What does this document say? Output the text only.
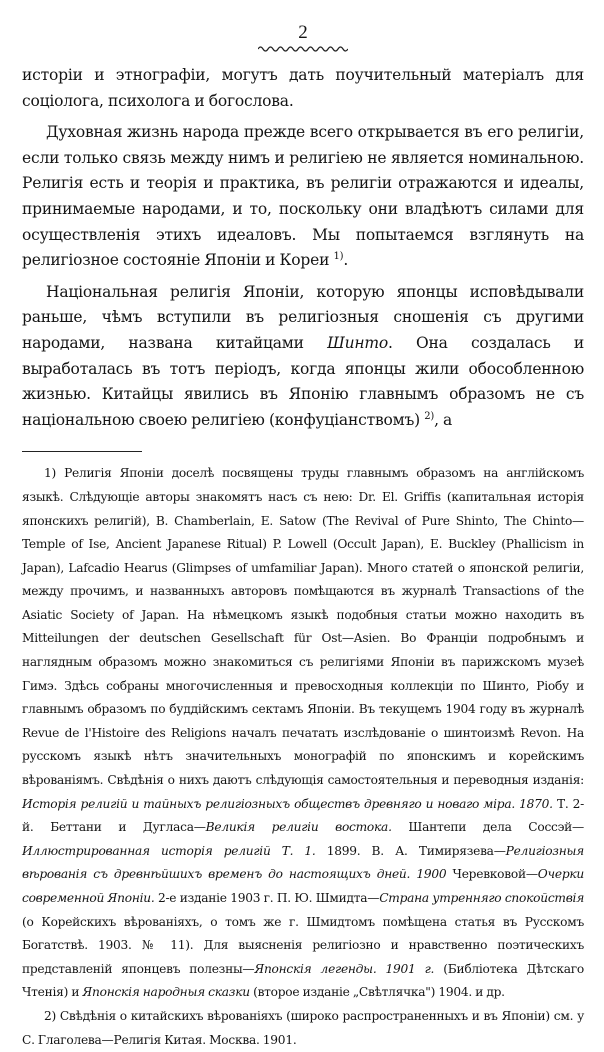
2

исторіи и этнографіи, могутъ дать поучительный матеріалъ для соціолога, психолога и богослова.

Духовная жизнь народа прежде всего открывается въ его религіи, если только связь между нимъ и религіею не является номинальною. Религія есть и теорія и практика, въ религіи отражаются и идеалы, принимаемые народами, и то, поскольку они владѣютъ силами для осуществленія этихъ идеаловъ. Мы попытаемся взглянуть на религіозное состояніе Японіи и Кореи $^{1)}$.

Національная религія Японіи, которую японцы исповѣдывали раньше, чѣмъ вступили въ религіозныя сношенія съ другими народами, названа китайцами Шинто. Она создалась и выработалась въ тотъ періодъ, когда японцы жили обособленною жизнью. Китайцы явились въ Японію главнымъ образомъ не съ національною своею религіею (конфуціанствомъ) $^{2)}$, а

1) Религія Японіи доселѣ посвящены труды главнымъ образомъ на англійскомъ языкѣ. Слѣдующіе авторы знакомятъ насъ съ нею: Dr. El. Griffis (капитальная исторія японскихъ религій), B. Chamberlain, E. Satow (The Revival of Pure Shinto, The Chinto—Temple of Ise, Ancient Japanese Ritual) P. Lowell (Occult Japan), E. Buckley (Phallicism in Japan), Lafcadio Hearus (Glimpses of umfamiliar Japan). Много статей о японской религіи, между прочимъ, и названныхъ авторовъ помѣщаются въ журналѣ Transactions of the Asiatic Society of Japan. На нѣмецкомъ языкѣ подобныя статьи можно находить въ Mitteilungen der deutschen Gesellschaft für Ost—Asien. Во Франціи подробнымъ и наглядным образомъ можно знакомиться съ религіями Японіи въ парижскомъ музеѣ Гимэ. Здѣсь собраны многочисленныя и превосходныя коллекціи по Шинто, Ріобу и главнымъ образомъ по буддійскимъ сектамъ Японіи. Въ текущемъ 1904 году въ журналѣ Revue de l'Histoire des Religions началъ печатать изслѣдованіе о шинтоизмѣ Revon. На русскомъ языкѣ нѣтъ значительныхъ монографій по японскимъ и корейскимъ вѣрованіямъ. Свѣдѣнія о нихъ даютъ слѣдующія самостоятельныя и переводныя изданія: Исторія религій и тайныхъ религіозныхъ обществъ древняго и новаго міра. 1870. Т. 2-й. Беттани и Дугласа—Великія религіи востока. Шантепи дела Соссэй—Иллюстрированная исторія религій Т. 1. 1899. В. А. Тимирязева—Религіозныя вѣрованія съ древнѣйшихъ временъ до настоящихъ дней. 1900 Черевковой—Очерки современной Японіи. 2-е изданіе 1903 г. П. Ю. Шмидта—Страна утренняго спокойствія (о Корейскихъ вѣрованіяхъ, о томъ же г. Шмидтомъ помѣщена статья въ Русскомъ Богатствѣ. 1903. № 11). Для выясненія религіозно и нравственно поэтическихъ представленій японцевъ полезны—Японскія легенды. 1901 г. (Библіотека Дѣтскаго Чтенія) и Японскія народныя сказки (второе изданіе „Свѣтлячка") 1904. и др.

2) Свѣдѣнія о китайскихъ вѣрованіяхъ (широко распространенныхъ и въ Японіи) см. у С. Глаголева—Религія Китая. Москва. 1901.
